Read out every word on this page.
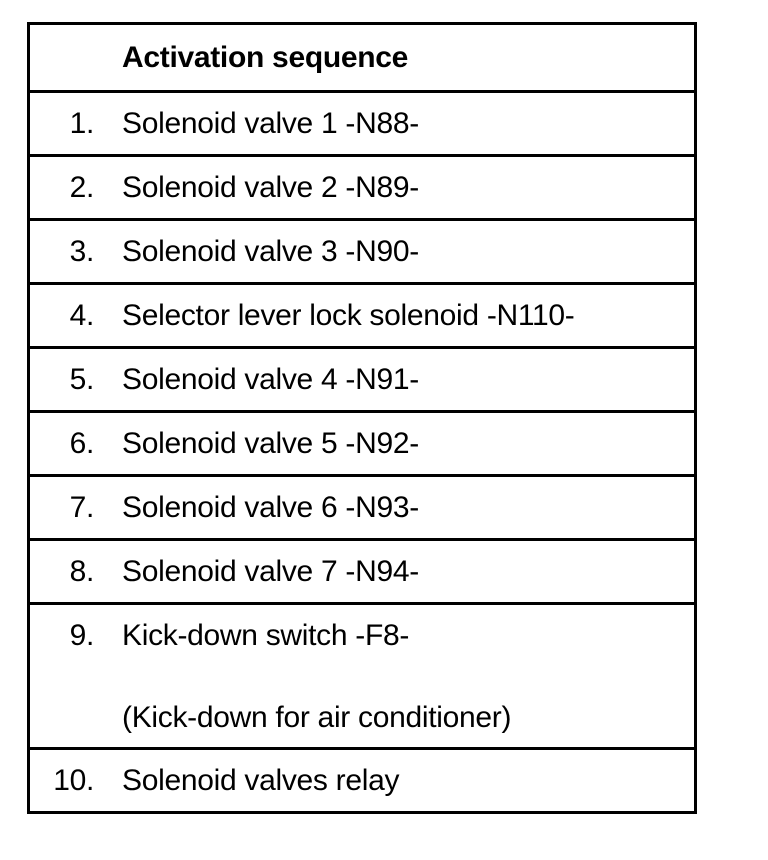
Activation sequence
1. Solenoid valve 1 -N88-
2. Solenoid valve 2 -N89-
3. Solenoid valve 3 -N90-
4. Selector lever lock solenoid -N110-
5. Solenoid valve 4 -N91-
6. Solenoid valve 5 -N92-
7. Solenoid valve 6 -N93-
8. Solenoid valve 7 -N94-
9. Kick-down switch -F8-
(Kick-down for air conditioner)
10. Solenoid valves relay
